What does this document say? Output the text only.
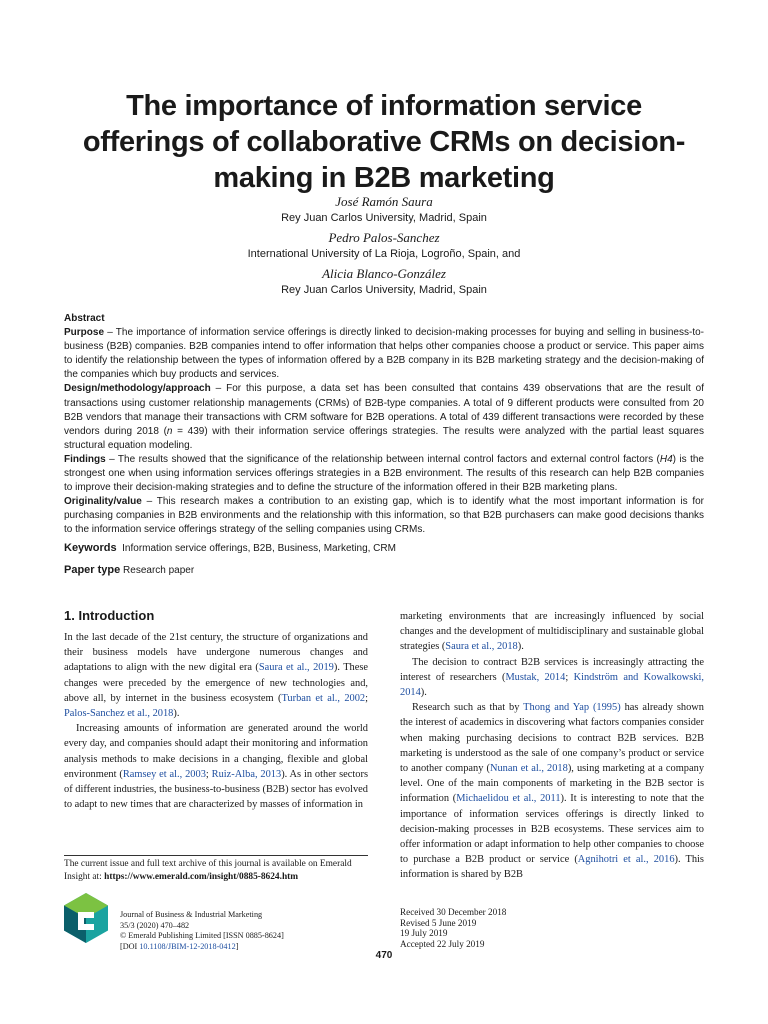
The importance of information service offerings of collaborative CRMs on decision-making in B2B marketing
José Ramón Saura
Rey Juan Carlos University, Madrid, Spain
Pedro Palos-Sanchez
International University of La Rioja, Logroño, Spain, and
Alicia Blanco-González
Rey Juan Carlos University, Madrid, Spain

Abstract

Purpose – The importance of information service offerings is directly linked to decision-making processes for buying and selling in business-to-business (B2B) companies. B2B companies intend to offer information that helps other companies choose a product or service. This paper aims to identify the relationship between the types of information offered by a B2B company in its B2B marketing strategy and the decision-making of the companies which buy products and services.

Design/methodology/approach – For this purpose, a data set has been consulted that contains 439 observations that are the result of transactions using customer relationship managements (CRMs) of B2B-type companies. A total of 9 different products were consulted from 20 B2B vendors that manage their transactions with CRM software for B2B operations. A total of 439 different transactions were recorded by these vendors during 2018 (n = 439) with their information service offerings strategies. The results were analyzed with the partial least squares structural equation modeling.

Findings – The results showed that the significance of the relationship between internal control factors and external control factors (H4) is the strongest one when using information services offerings strategies in a B2B environment. The results of this research can help B2B companies to improve their decision-making strategies and to define the structure of the information offered in their B2B marketing plans.

Originality/value – This research makes a contribution to an existing gap, which is to identify what the most important information is for purchasing companies in B2B environments and the relationship with this information, so that B2B purchasers can make good decisions thanks to the information service offerings strategy of the selling companies using CRMs.

Keywords Information service offerings, B2B, Business, Marketing, CRM
Paper type Research paper
1. Introduction

In the last decade of the 21st century, the structure of organizations and their business models have undergone numerous changes and adaptations to align with the new digital era (Saura et al., 2019). These changes were preceded by the emergence of new technologies and, above all, by internet in the business ecosystem (Turban et al., 2002; Palos-Sanchez et al., 2018).

Increasing amounts of information are generated around the world every day, and companies should adapt their monitoring and information analysis methods to make decisions in a changing, flexible and global environment (Ramsey et al., 2003; Ruiz-Alba, 2013). As in other sectors of different industries, the business-to-business (B2B) sector has evolved to adapt to new times that are characterized by masses of information in

marketing environments that are increasingly influenced by social changes and the development of multidisciplinary and sustainable global strategies (Saura et al., 2018).

The decision to contract B2B services is increasingly attracting the interest of researchers (Mustak, 2014; Kindström and Kowalkowski, 2014).

Research such as that by Thong and Yap (1995) has already shown the interest of academics in discovering what factors companies consider when making purchasing decisions to contract B2B services. B2B marketing is understood as the sale of one company’s product or service to another company (Nunan et al., 2018), using marketing at a company level. One of the main components of marketing in the B2B sector is information (Michaelidou et al., 2011). It is interesting to note that the importance of information services offerings is directly linked to decision-making processes in B2B ecosystems. These services aim to offer information or adapt information to help other companies to choose to purchase a B2B product or service (Agnihotri et al., 2016). This information is shared by B2B

The current issue and full text archive of this journal is available on Emerald Insight at: https://www.emerald.com/insight/0885-8624.htm
Journal of Business & Industrial Marketing
35/3 (2020) 470–482
© Emerald Publishing Limited [ISSN 0885-8624]
[DOI 10.1108/JBIM-12-2018-0412]
Received 30 December 2018
Revised 5 June 2019
19 July 2019
Accepted 22 July 2019
470
